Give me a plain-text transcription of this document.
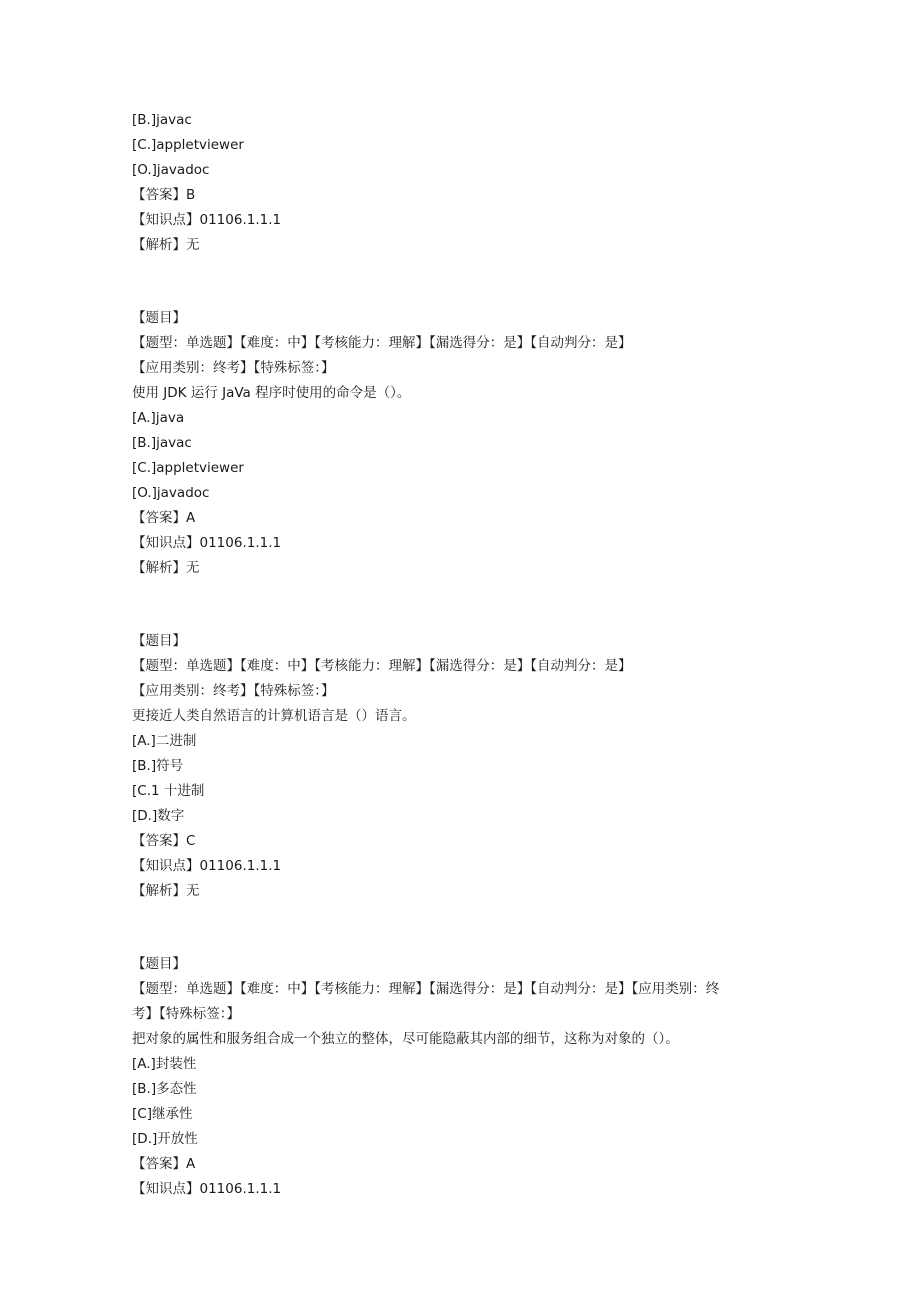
[B.]javac
[C.]appletviewer
[O.]javadoc
【答案】B
【知识点】01106.1.1.1
【解析】无
【题目】
【题型：单选题】【难度：中】【考核能力：理解】【漏选得分：是】【自动判分：是】
【应用类别：终考】【特殊标签：】
使用 JDK 运行 JaVa 程序时使用的命令是（）。
[A.]java
[B.]javac
[C.]appletviewer
[O.]javadoc
【答案】A
【知识点】01106.1.1.1
【解析】无
【题目】
【题型：单选题】【难度：中】【考核能力：理解】【漏选得分：是】【自动判分：是】
【应用类别：终考】【特殊标签：】
更接近人类自然语言的计算机语言是（）语言。
[A.]二进制
[B.]符号
[C.1 十进制
[D.]数字
【答案】C
【知识点】01106.1.1.1
【解析】无
【题目】
【题型：单选题】【难度：中】【考核能力：理解】【漏选得分：是】【自动判分：是】【应用类别：终
考】【特殊标签：】
把对象的属性和服务组合成一个独立的整体，尽可能隐蔽其内部的细节，这称为对象的（）。
[A.]封装性
[B.]多态性
[C]继承性
[D.]开放性
【答案】A
【知识点】01106.1.1.1
